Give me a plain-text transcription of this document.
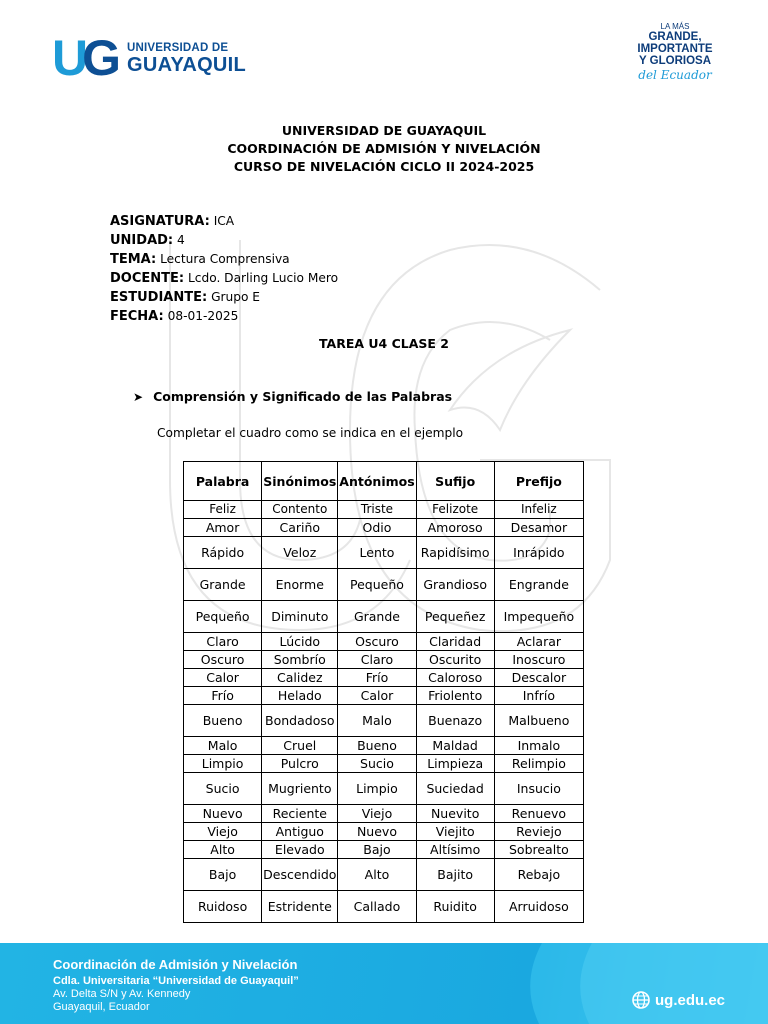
U
G UNIVERSIDAD DE
GUAYAQUIL
LA MÁS
GRANDE,
IMPORTANTE
Y GLORIOSA
del Ecuador
UNIVERSIDAD DE GUAYAQUIL
COORDINACIÓN DE ADMISIÓN Y NIVELACIÓN
CURSO DE NIVELACIÓN CICLO II 2024-2025
ASIGNATURA: ICA
UNIDAD: 4
TEMA: Lectura Comprensiva
DOCENTE: Lcdo. Darling Lucio Mero
ESTUDIANTE: Grupo E
FECHA: 08-01-2025
TAREA U4 CLASE 2
➤ Comprensión y Significado de las Palabras
Completar el cuadro como se indica en el ejemplo
Palabra	Sinónimos	Antónimos	Sufijo	Prefijo
Feliz	Contento	Triste	Felizote	Infeliz
Amor	Cariño	Odio	Amoroso	Desamor
Rápido	Veloz	Lento	Rapidísimo	Inrápido
Grande	Enorme	Pequeño	Grandioso	Engrande
Pequeño	Diminuto	Grande	Pequeñez	Impequeño
Claro	Lúcido	Oscuro	Claridad	Aclarar
Oscuro	Sombrío	Claro	Oscurito	Inoscuro
Calor	Calidez	Frío	Caloroso	Descalor
Frío	Helado	Calor	Friolento	Infrío
Bueno	Bondadoso	Malo	Buenazo	Malbueno
Malo	Cruel	Bueno	Maldad	Inmalo
Limpio	Pulcro	Sucio	Limpieza	Relimpio
Sucio	Mugriento	Limpio	Suciedad	Insucio
Nuevo	Reciente	Viejo	Nuevito	Renuevo
Viejo	Antiguo	Nuevo	Viejito	Reviejo
Alto	Elevado	Bajo	Altísimo	Sobrealto
Bajo	Descendido	Alto	Bajito	Rebajo
Ruidoso	Estridente	Callado	Ruidito	Arruidoso
Coordinación de Admisión y Nivelación
Cdla. Universitaria “Universidad de Guayaquil”
Av. Delta S/N y Av. Kennedy
Guayaquil, Ecuador	ug.edu.ec
